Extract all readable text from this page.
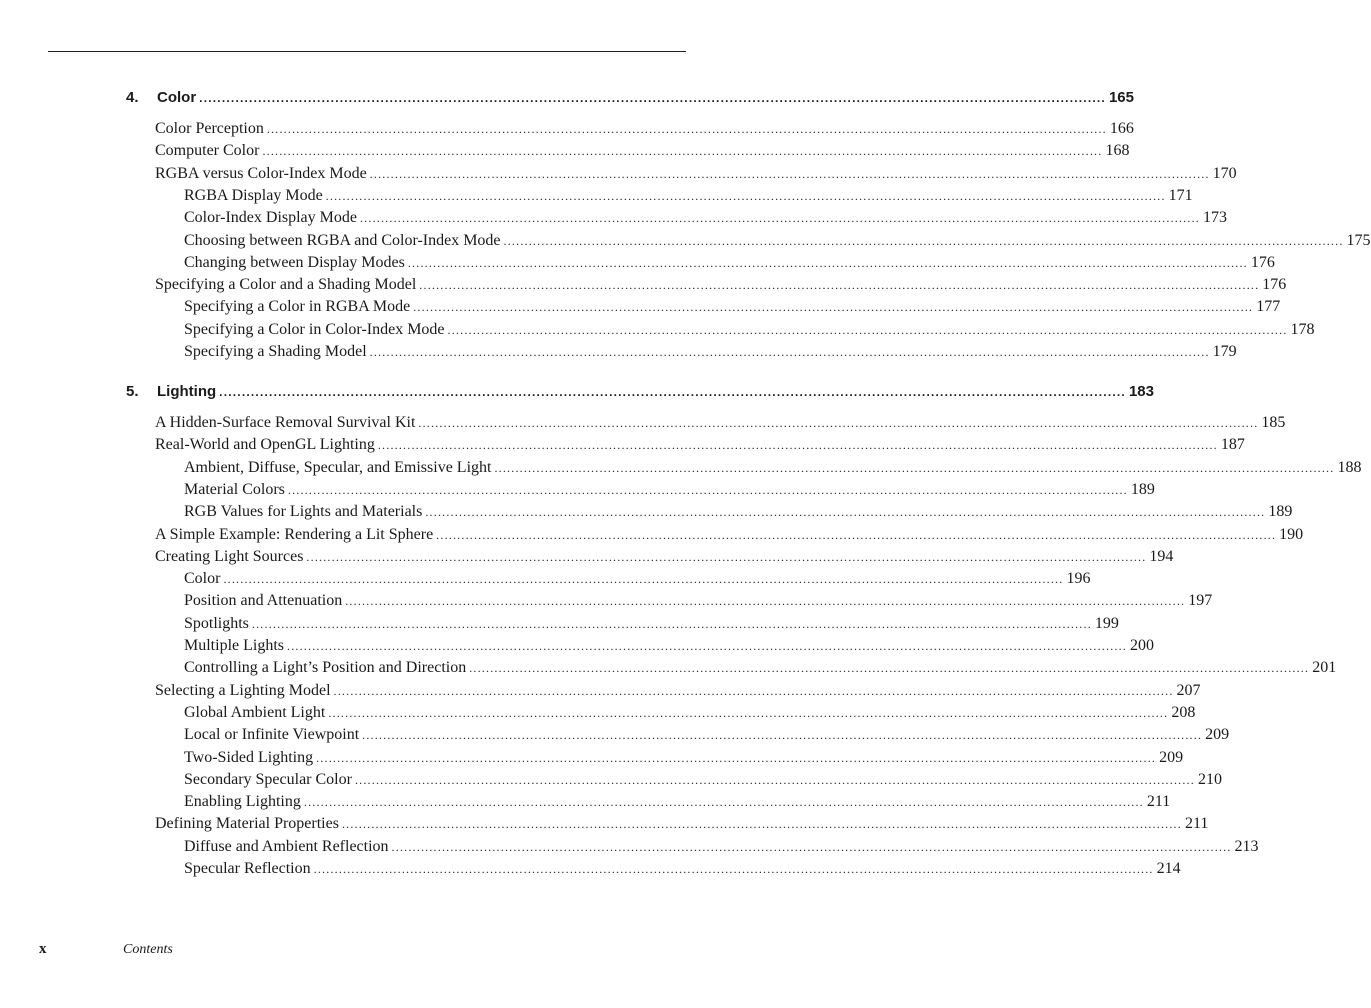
4. Color ........................................................................................................................................................................................................ 165
Color Perception ........................................................................................................................................................................................................ 166
Computer Color ........................................................................................................................................................................................................ 168
RGBA versus Color-Index Mode ........................................................................................................................................................................................................ 170
RGBA Display Mode ........................................................................................................................................................................................................ 171
Color-Index Display Mode ........................................................................................................................................................................................................ 173
Choosing between RGBA and Color-Index Mode ........................................................................................................................................................................................................ 175
Changing between Display Modes ........................................................................................................................................................................................................ 176
Specifying a Color and a Shading Model ........................................................................................................................................................................................................ 176
Specifying a Color in RGBA Mode ........................................................................................................................................................................................................ 177
Specifying a Color in Color-Index Mode ........................................................................................................................................................................................................ 178
Specifying a Shading Model ........................................................................................................................................................................................................ 179
5. Lighting ........................................................................................................................................................................................................ 183
A Hidden-Surface Removal Survival Kit ........................................................................................................................................................................................................ 185
Real-World and OpenGL Lighting ........................................................................................................................................................................................................ 187
Ambient, Diffuse, Specular, and Emissive Light ........................................................................................................................................................................................................ 188
Material Colors ........................................................................................................................................................................................................ 189
RGB Values for Lights and Materials ........................................................................................................................................................................................................ 189
A Simple Example: Rendering a Lit Sphere ........................................................................................................................................................................................................ 190
Creating Light Sources ........................................................................................................................................................................................................ 194
Color ........................................................................................................................................................................................................ 196
Position and Attenuation ........................................................................................................................................................................................................ 197
Spotlights ........................................................................................................................................................................................................ 199
Multiple Lights ........................................................................................................................................................................................................ 200
Controlling a Light’s Position and Direction ........................................................................................................................................................................................................ 201
Selecting a Lighting Model ........................................................................................................................................................................................................ 207
Global Ambient Light ........................................................................................................................................................................................................ 208
Local or Infinite Viewpoint ........................................................................................................................................................................................................ 209
Two-Sided Lighting ........................................................................................................................................................................................................ 209
Secondary Specular Color ........................................................................................................................................................................................................ 210
Enabling Lighting ........................................................................................................................................................................................................ 211
Defining Material Properties ........................................................................................................................................................................................................ 211
Diffuse and Ambient Reflection ........................................................................................................................................................................................................ 213
Specular Reflection ........................................................................................................................................................................................................ 214
x	Contents
